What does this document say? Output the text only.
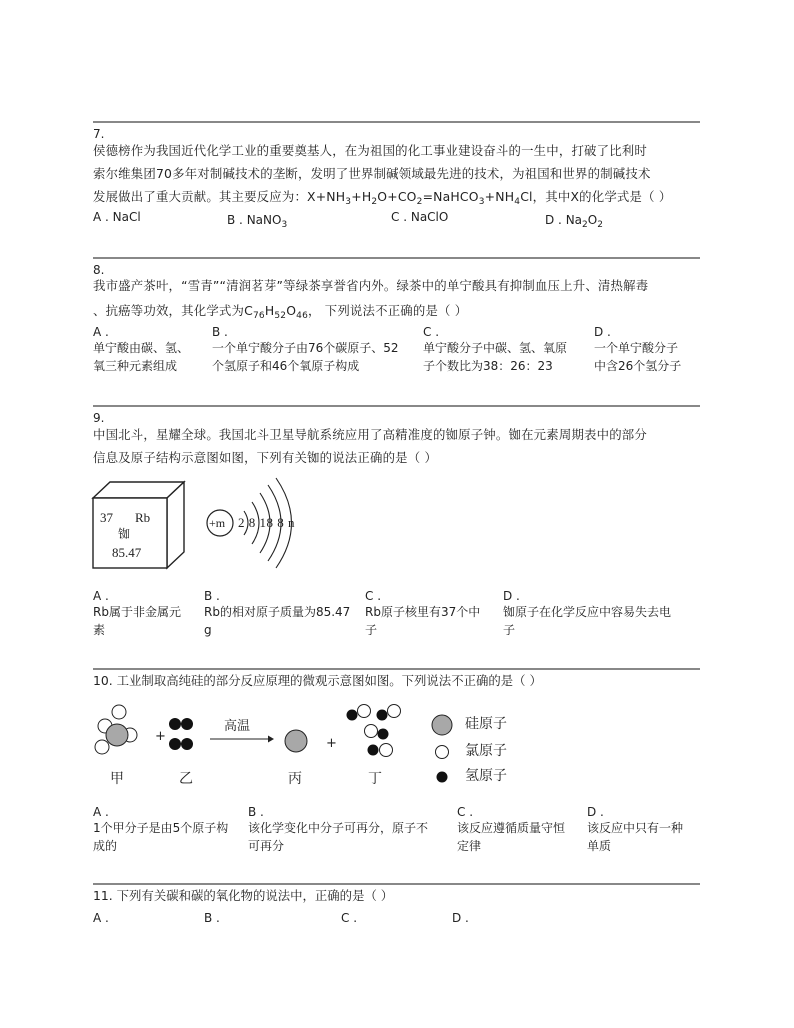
7.
侯德榜作为我国近代化学工业的重要奠基人，在为祖国的化工事业建设奋斗的一生中，打破了比利时
索尔维集团70多年对制碱技术的垄断，发明了世界制碱领域最先进的技术，为祖国和世界的制碱技术
发展做出了重大贡献。其主要反应为：$X+NH_3+H_2O+CO_2=NaHCO_3+NH_4Cl$，其中X的化学式是（ ）
A . NaCl	B . NaNO$_3$
C . NaClO	D . $Na_2O_2$
8.
我市盛产茶叶，“雪青”“清润茗芽”等绿茶享誉省内外。绿茶中的单宁酸具有抑制血压上升、清热解毒
、抗癌等功效，其化学式为$C_{76}H_{52}O_{46}$， 下列说法不正确的是（ ）
A .
单宁酸由碳、氢、
氧三种元素组成
B .
一个单宁酸分子由76个碳原子、52
个氢原子和46个氧原子构成
C .
单宁酸分子中碳、氢、氧原
子个数比为38：26：23
D .
一个单宁酸分子
中含26个氢分子
9.
中国北斗，星耀全球。我国北斗卫星导航系统应用了高精准度的铷原子钟。铷在元素周期表中的部分
信息及原子结构示意图如图，下列有关铷的说法正确的是（ ）
37 Rb
铷
85.47
+m 2 8 18 8 n
A .
Rb属于非金属元
素
B .
Rb的相对原子质量为85.47
g
C .
Rb原子核里有37个中
子
D .
铷原子在化学反应中容易失去电
子
10. 工业制取高纯硅的部分反应原理的微观示意图如图。下列说法不正确的是（ ）
+
高温
+
甲	乙	丙	丁
硅原子
氯原子
氢原子
A .
1个甲分子是由5个原子构
成的
B .
该化学变化中分子可再分，原子不
可再分
C .
该反应遵循质量守恒
定律
D .
该反应中只有一种
单质
11. 下列有关碳和碳的氧化物的说法中，正确的是（ ）
A .	B .	C .	D .
